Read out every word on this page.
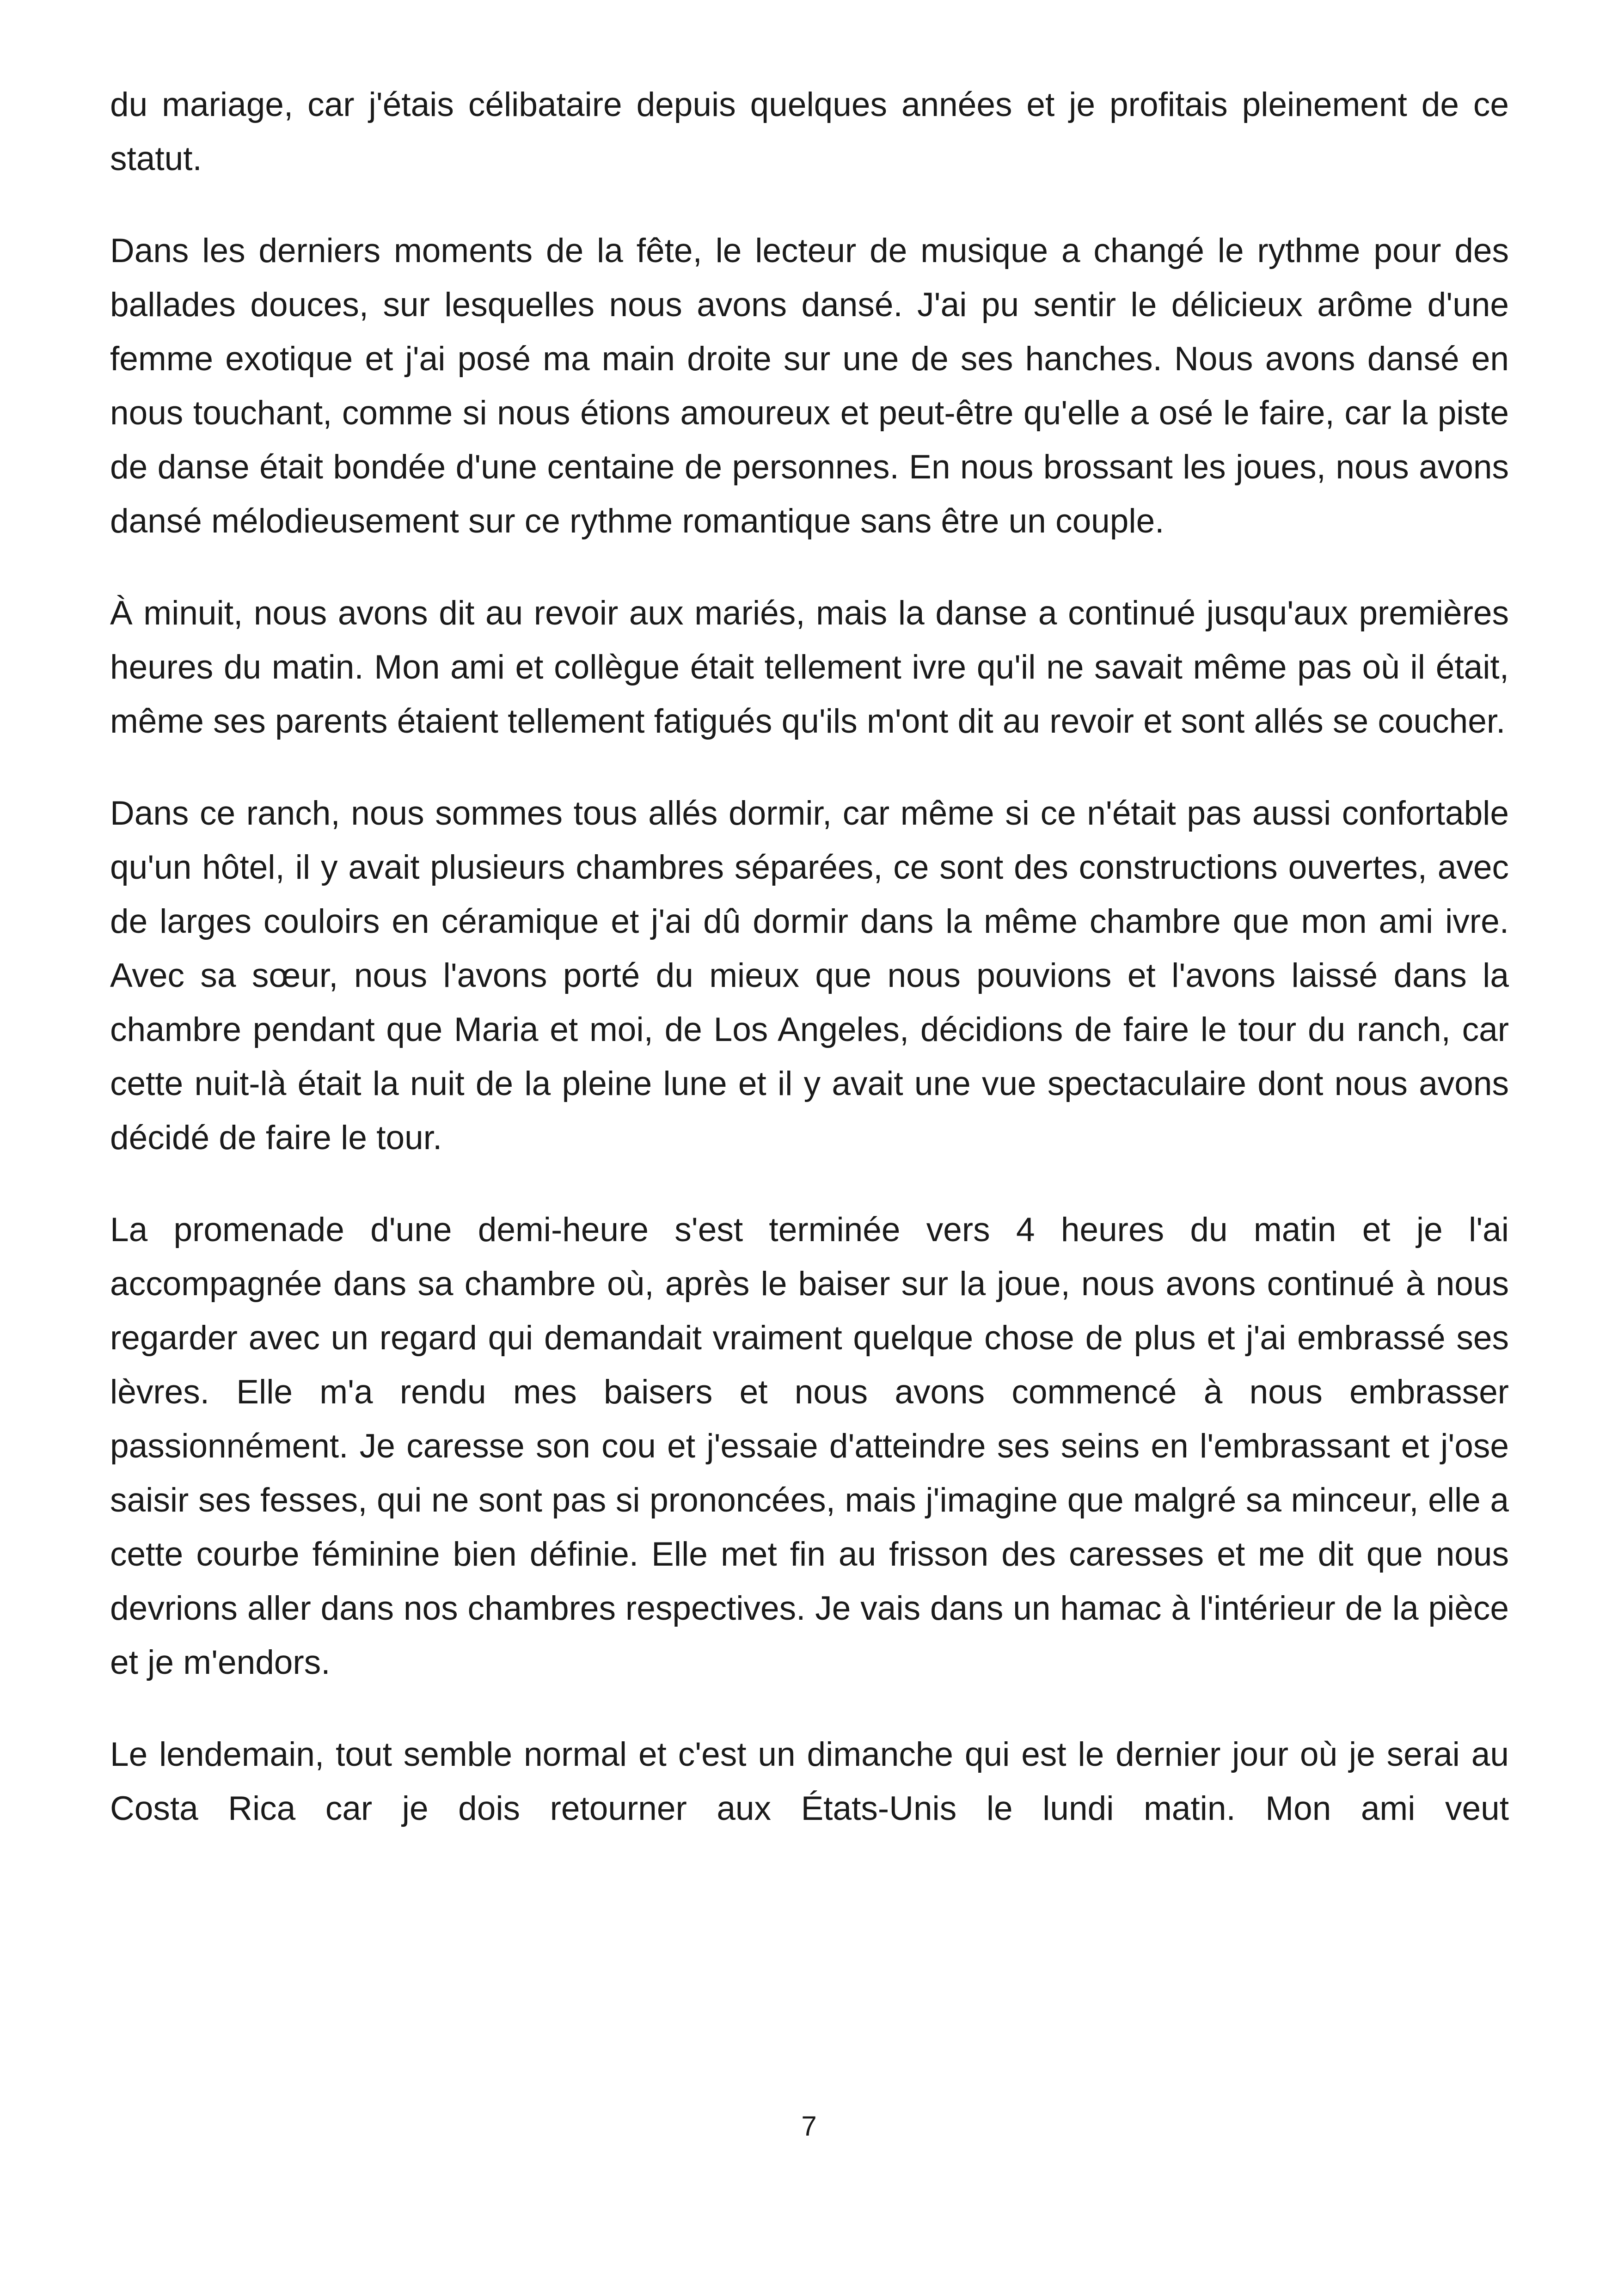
du mariage, car j'étais célibataire depuis quelques années et je profitais pleinement de ce statut.

Dans les derniers moments de la fête, le lecteur de musique a changé le rythme pour des ballades douces, sur lesquelles nous avons dansé. J'ai pu sentir le délicieux arôme d'une femme exotique et j'ai posé ma main droite sur une de ses hanches. Nous avons dansé en nous touchant, comme si nous étions amoureux et peut-être qu'elle a osé le faire, car la piste de danse était bondée d'une centaine de personnes. En nous brossant les joues, nous avons dansé mélodieusement sur ce rythme romantique sans être un couple.

À minuit, nous avons dit au revoir aux mariés, mais la danse a continué jusqu'aux premières heures du matin. Mon ami et collègue était tellement ivre qu'il ne savait même pas où il était, même ses parents étaient tellement fatigués qu'ils m'ont dit au revoir et sont allés se coucher.

Dans ce ranch, nous sommes tous allés dormir, car même si ce n'était pas aussi confortable qu'un hôtel, il y avait plusieurs chambres séparées, ce sont des constructions ouvertes, avec de larges couloirs en céramique et j'ai dû dormir dans la même chambre que mon ami ivre. Avec sa sœur, nous l'avons porté du mieux que nous pouvions et l'avons laissé dans la chambre pendant que Maria et moi, de Los Angeles, décidions de faire le tour du ranch, car cette nuit-là était la nuit de la pleine lune et il y avait une vue spectaculaire dont nous avons décidé de faire le tour.

La promenade d'une demi-heure s'est terminée vers 4 heures du matin et je l'ai accompagnée dans sa chambre où, après le baiser sur la joue, nous avons continué à nous regarder avec un regard qui demandait vraiment quelque chose de plus et j'ai embrassé ses lèvres. Elle m'a rendu mes baisers et nous avons commencé à nous embrasser passionnément. Je caresse son cou et j'essaie d'atteindre ses seins en l'embrassant et j'ose saisir ses fesses, qui ne sont pas si prononcées, mais j'imagine que malgré sa minceur, elle a cette courbe féminine bien définie. Elle met fin au frisson des caresses et me dit que nous devrions aller dans nos chambres respectives. Je vais dans un hamac à l'intérieur de la pièce et je m'endors.

Le lendemain, tout semble normal et c'est un dimanche qui est le dernier jour où je serai au Costa Rica car je dois retourner aux États-Unis le lundi matin. Mon ami veut

7
